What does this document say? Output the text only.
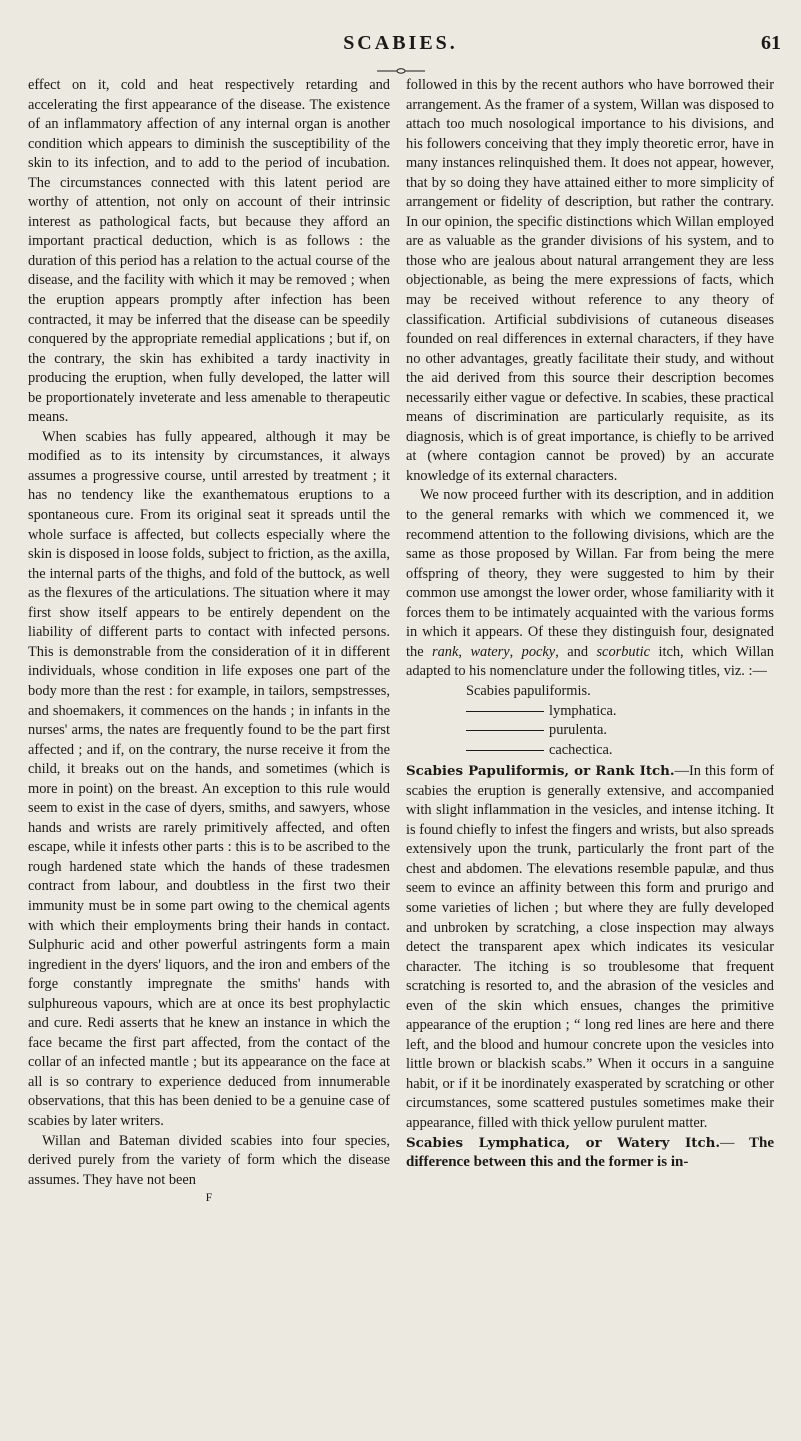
SCABIES.	61

effect on it, cold and heat respectively retarding and accelerating the first appearance of the disease. The existence of an inflammatory affection of any internal organ is another condition which appears to diminish the susceptibility of the skin to its infection, and to add to the period of incubation. The circumstances connected with this latent period are worthy of attention, not only on account of their intrinsic interest as pathological facts, but because they afford an important practical deduction, which is as follows : the duration of this period has a relation to the actual course of the disease, and the facility with which it may be removed ; when the eruption appears promptly after infection has been contracted, it may be inferred that the disease can be speedily conquered by the appropriate remedial applications ; but if, on the contrary, the skin has exhibited a tardy inactivity in producing the eruption, when fully developed, the latter will be proportionately inveterate and less amenable to therapeutic means.

When scabies has fully appeared, although it may be modified as to its intensity by circumstances, it always assumes a progressive course, until arrested by treatment ; it has no tendency like the exanthematous eruptions to a spontaneous cure. From its original seat it spreads until the whole surface is affected, but collects especially where the skin is disposed in loose folds, subject to friction, as the axilla, the internal parts of the thighs, and fold of the buttock, as well as the flexures of the articulations. The situation where it may first show itself appears to be entirely dependent on the liability of different parts to contact with infected persons. This is demonstrable from the consideration of it in different individuals, whose condition in life exposes one part of the body more than the rest : for example, in tailors, sempstresses, and shoemakers, it commences on the hands ; in infants in the nurses' arms, the nates are frequently found to be the part first affected ; and if, on the contrary, the nurse receive it from the child, it breaks out on the hands, and sometimes (which is more in point) on the breast. An exception to this rule would seem to exist in the case of dyers, smiths, and sawyers, whose hands and wrists are rarely primitively affected, and often escape, while it infests other parts : this is to be ascribed to the rough hardened state which the hands of these tradesmen contract from labour, and doubtless in the first two their immunity must be in some part owing to the chemical agents with which their employments bring their hands in contact. Sulphuric acid and other powerful astringents form a main ingredient in the dyers' liquors, and the iron and embers of the forge constantly impregnate the smiths' hands with sulphureous vapours, which are at once its best prophylactic and cure. Redi asserts that he knew an instance in which the face became the first part affected, from the contact of the collar of an infected mantle ; but its appearance on the face at all is so contrary to experience deduced from innumerable observations, that this has been denied to be a genuine case of scabies by later writers.

Willan and Bateman divided scabies into four species, derived purely from the variety of form which the disease assumes. They have not been

F

followed in this by the recent authors who have borrowed their arrangement. As the framer of a system, Willan was disposed to attach too much nosological importance to his divisions, and his followers conceiving that they imply theoretic error, have in many instances relinquished them. It does not appear, however, that by so doing they have attained either to more simplicity of arrangement or fidelity of description, but rather the contrary. In our opinion, the specific distinctions which Willan employed are as valuable as the grander divisions of his system, and to those who are jealous about natural arrangement they are less objectionable, as being the mere expressions of facts, which may be received without reference to any theory of classification. Artificial subdivisions of cutaneous diseases founded on real differences in external characters, if they have no other advantages, greatly facilitate their study, and without the aid derived from this source their description becomes necessarily either vague or defective. In scabies, these practical means of discrimination are particularly requisite, as its diagnosis, which is of great importance, is chiefly to be arrived at (where contagion cannot be proved) by an accurate knowledge of its external characters.

We now proceed further with its description, and in addition to the general remarks with which we commenced it, we recommend attention to the following divisions, which are the same as those proposed by Willan. Far from being the mere offspring of theory, they were suggested to him by their common use amongst the lower order, whose familiarity with it forces them to be intimately acquainted with the various forms in which it appears. Of these they distinguish four, designated the rank, watery, pocky, and scorbutic itch, which Willan adapted to his nomenclature under the following titles, viz. :—

Scabies papuliformis.
lymphatica.
purulenta.
cachectica.

Scabies Papuliformis, or Rank Itch.—In this form of scabies the eruption is generally extensive, and accompanied with slight inflammation in the vesicles, and intense itching. It is found chiefly to infest the fingers and wrists, but also spreads extensively upon the trunk, particularly the front part of the chest and abdomen. The elevations resemble papulæ, and thus seem to evince an affinity between this form and prurigo and some varieties of lichen ; but where they are fully developed and unbroken by scratching, a close inspection may always detect the transparent apex which indicates its vesicular character. The itching is so troublesome that frequent scratching is resorted to, and the abrasion of the vesicles and even of the skin which ensues, changes the primitive appearance of the eruption ; “ long red lines are here and there left, and the blood and humour concrete upon the vesicles into little brown or blackish scabs.” When it occurs in a sanguine habit, or if it be inordinately exasperated by scratching or other circumstances, some scattered pustules sometimes make their appearance, filled with thick yellow purulent matter.

Scabies Lymphatica, or Watery Itch.— The difference between this and the former is in-
